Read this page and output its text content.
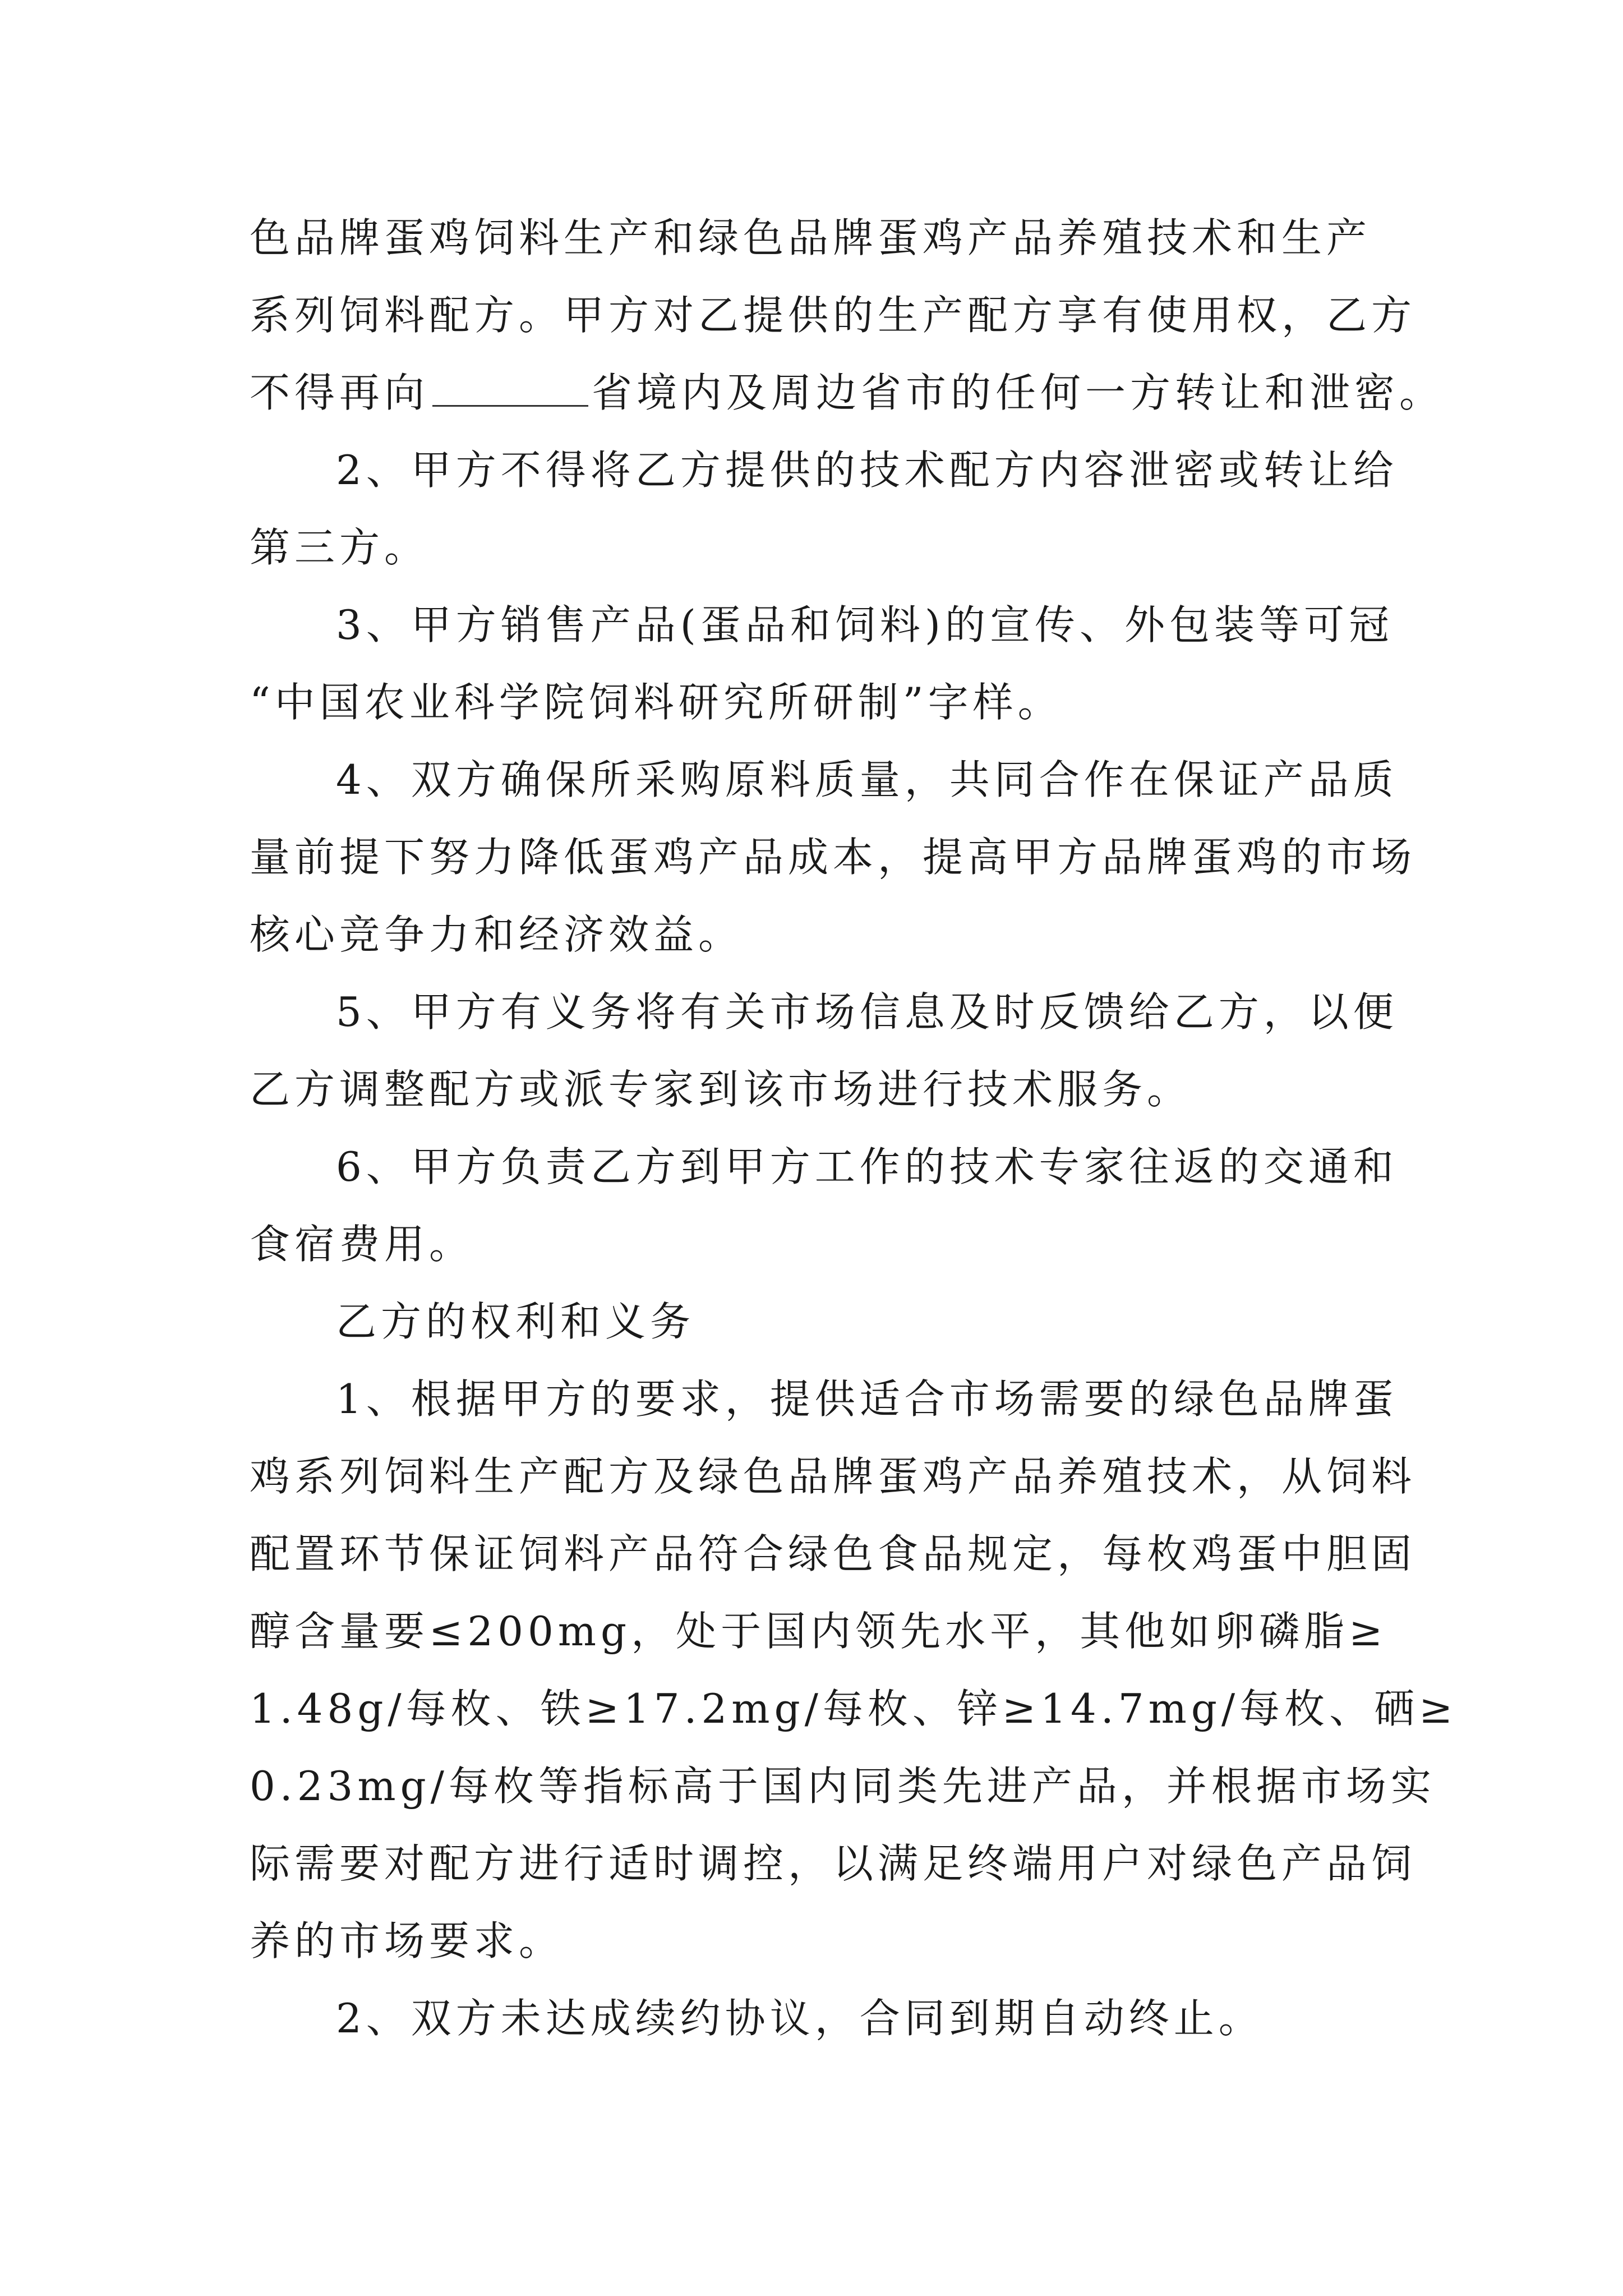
色品牌蛋鸡饲料生产和绿色品牌蛋鸡产品养殖技术和生产
系列饲料配方。甲方对乙提供的生产配方享有使用权，乙方
不得再向	省境内及周边省市的任何一方转让和泄密。
2、甲方不得将乙方提供的技术配方内容泄密或转让给
第三方。
3、甲方销售产品(蛋品和饲料)的宣传、外包装等可冠
“中国农业科学院饲料研究所研制”字样。
4、双方确保所采购原料质量，共同合作在保证产品质
量前提下努力降低蛋鸡产品成本，提高甲方品牌蛋鸡的市场
核心竞争力和经济效益。
5、甲方有义务将有关市场信息及时反馈给乙方，以便
乙方调整配方或派专家到该市场进行技术服务。
6、甲方负责乙方到甲方工作的技术专家往返的交通和
食宿费用。
乙方的权利和义务
1、根据甲方的要求，提供适合市场需要的绿色品牌蛋
鸡系列饲料生产配方及绿色品牌蛋鸡产品养殖技术，从饲料
配置环节保证饲料产品符合绿色食品规定，每枚鸡蛋中胆固
醇含量要≤200mg，处于国内领先水平，其他如卵磷脂≥
1.48g/每枚、铁≥17.2mg/每枚、锌≥14.7mg/每枚、硒≥
0.23mg/每枚等指标高于国内同类先进产品，并根据市场实
际需要对配方进行适时调控，以满足终端用户对绿色产品饲
养的市场要求。
2、双方未达成续约协议，合同到期自动终止。
